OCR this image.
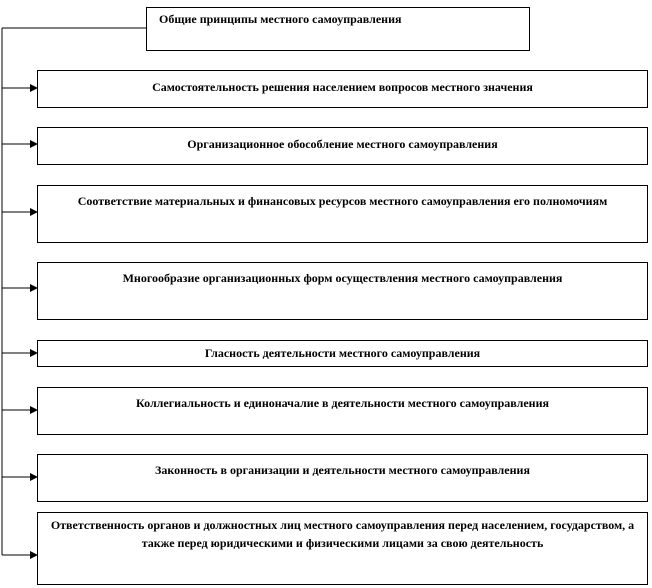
Общие принципы местного самоуправления
Самостоятельность решения населением вопросов местного значения
Организационное обособление местного самоуправления
Соответствие материальных и финансовых ресурсов местного самоуправления его полномочиям
Многообразие организационных форм осуществления местного самоуправления
Гласность деятельности местного самоуправления
Коллегиальность и единоначалие в деятельности местного самоуправления
Законность в организации и деятельности местного самоуправления
Ответственность органов и должностных лиц местного самоуправления перед населением, государством, а также перед юридическими и физическими лицами за свою деятельность
